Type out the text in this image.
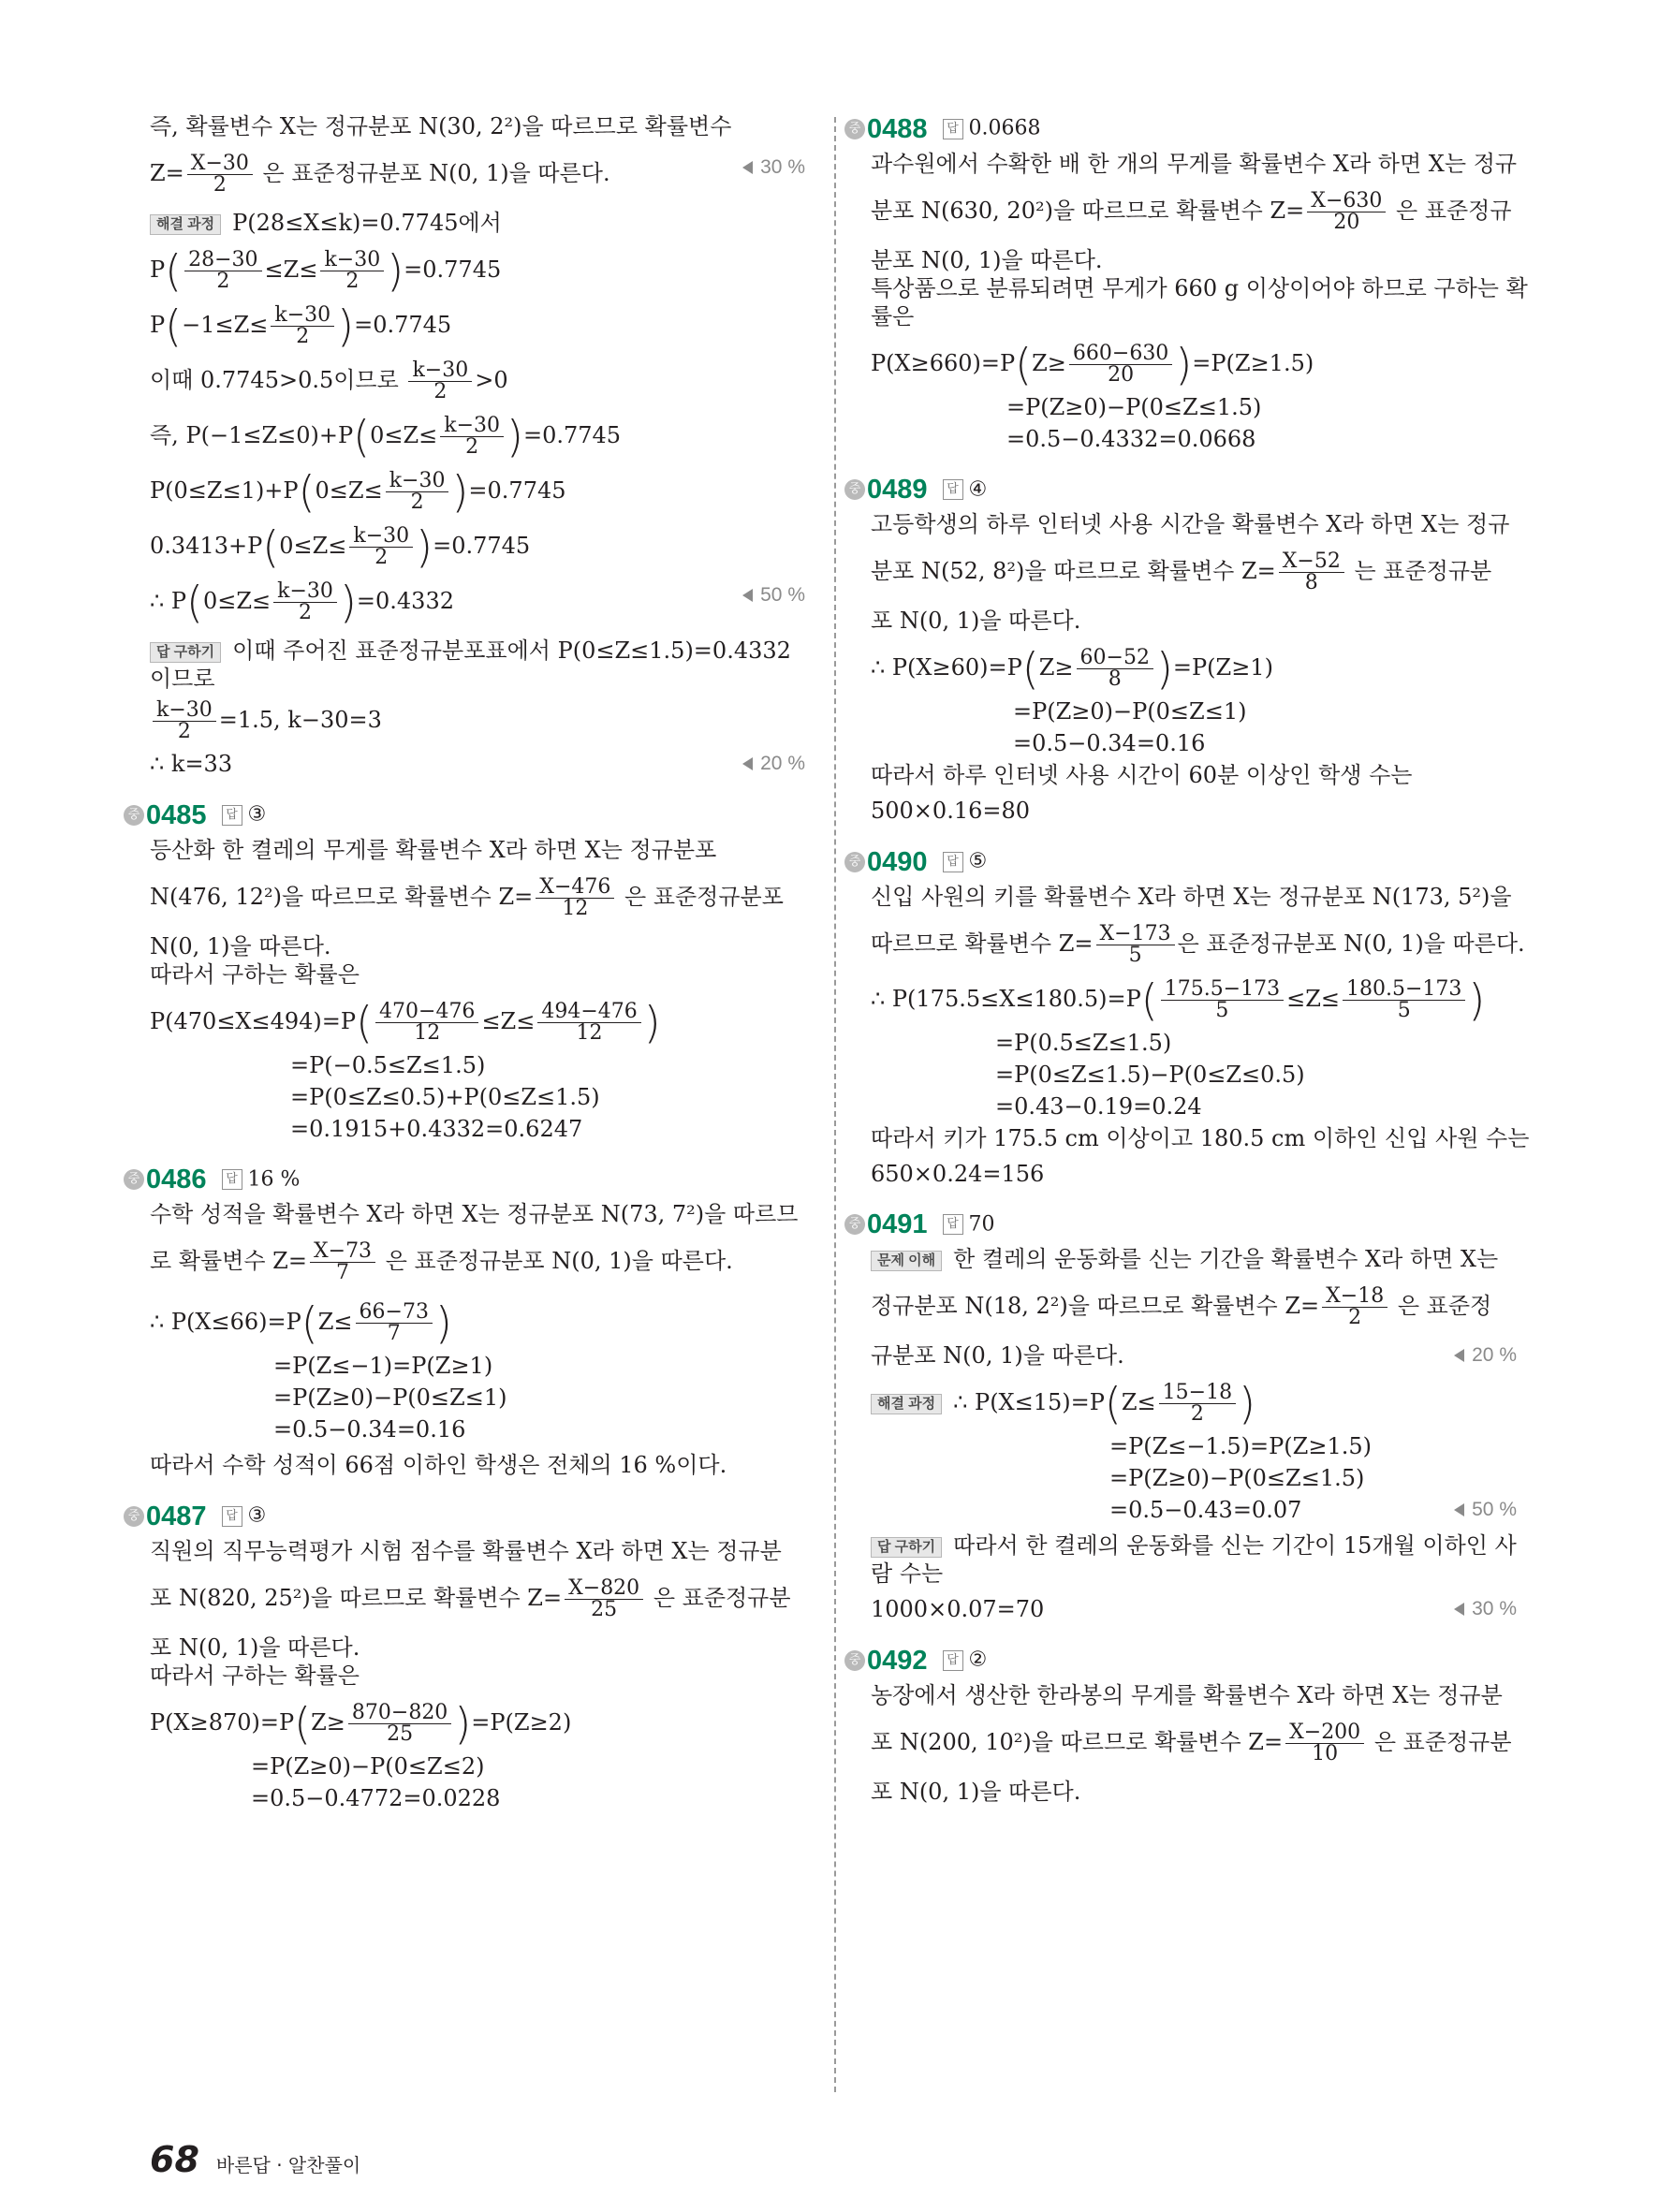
즉, 확률변수 X는 정규분포 N(30, 2²)을 따르므로 확률변수
$Z= \frac{X-30}{2}$ 은 표준정규분포 N(0, 1)을 따른다.	30 %
해결 과정 P(28≤X≤k)=0.7745에서
$P( \frac{28-30}{2} \le Z\le \frac{k-30}{2} )=0.7745$
$P(-1\le Z\le \frac{k-30}{2} )=0.7745$
이때 0.7745>0.5이므로 $\frac{k-30}{2} >0$
즉, $P(-1\le Z\le 0)+P(0\le Z\le \frac{k-30}{2} )=0.7745$
$P(0\le Z\le 1)+P(0\le Z\le \frac{k-30}{2} )=0.7745$
$0.3413+P(0\le Z\le \frac{k-30}{2} )=0.7745$
∴ $P(0\le Z\le \frac{k-30}{2} )=0.4332$	50 %
답 구하기 이때 주어진 표준정규분포표에서 P(0≤Z≤1.5)=0.4332
이므로
$\frac{k-30}{2} =1.5$, k−30=3
∴ k=33	20 %
중 0485 답 ③
등산화 한 켤레의 무게를 확률변수 X라 하면 X는 정규분포
N(476, 12²)을 따르므로 확률변수 $Z= \frac{X-476}{12}$ 은 표준정규분포
N(0, 1)을 따른다.
따라서 구하는 확률은
$P(470\le X\le 494)=P( \frac{470-476}{12} \le Z\le \frac{494-476}{12}$ )
=P(−0.5≤Z≤1.5)
=P(0≤Z≤0.5)+P(0≤Z≤1.5)
=0.1915+0.4332=0.6247
중 0486 답 16 %
수학 성적을 확률변수 X라 하면 X는 정규분포 N(73, 7²)을 따르므
로 확률변수 $Z= \frac{X-73}{7}$ 은 표준정규분포 N(0, 1)을 따른다.
∴ $P(X\le 66)=P(Z\le \frac{66-73}{7}$ )
=P(Z≤−1)=P(Z≥1)
=P(Z≥0)−P(0≤Z≤1)
=0.5−0.34=0.16
따라서 수학 성적이 66점 이하인 학생은 전체의 16 %이다.
중 0487 답 ③
직원의 직무능력평가 시험 점수를 확률변수 X라 하면 X는 정규분
포 N(820, 25²)을 따르므로 확률변수 $Z= \frac{X-820}{25}$ 은 표준정규분
포 N(0, 1)을 따른다.
따라서 구하는 확률은
$P(X\ge 870)=P(Z\ge \frac{870-820}{25} )=P(Z\ge 2)$
=P(Z≥0)−P(0≤Z≤2)
=0.5−0.4772=0.0228
중 0488 답 0.0668
과수원에서 수확한 배 한 개의 무게를 확률변수 X라 하면 X는 정규
분포 N(630, 20²)을 따르므로 확률변수 $Z= \frac{X-630}{20}$ 은 표준정규
분포 N(0, 1)을 따른다.
특상품으로 분류되려면 무게가 660 g 이상이어야 하므로 구하는 확
률은
$P(X\ge 660)=P(Z\ge \frac{660-630}{20} )=P(Z\ge 1.5)$
=P(Z≥0)−P(0≤Z≤1.5)
=0.5−0.4332=0.0668
중 0489 답 ④
고등학생의 하루 인터넷 사용 시간을 확률변수 X라 하면 X는 정규
분포 N(52, 8²)을 따르므로 확률변수 $Z= \frac{X-52}{8}$ 는 표준정규분
포 N(0, 1)을 따른다.
∴ $P(X\ge 60)=P(Z\ge \frac{60-52}{8} )=P(Z\ge 1)$
=P(Z≥0)−P(0≤Z≤1)
=0.5−0.34=0.16
따라서 하루 인터넷 사용 시간이 60분 이상인 학생 수는
500×0.16=80
중 0490 답 ⑤
신입 사원의 키를 확률변수 X라 하면 X는 정규분포 N(173, 5²)을
따르므로 확률변수 $Z= \frac{X-173}{5}$ 은 표준정규분포 N(0, 1)을 따른다.
∴ $P(175.5\le X\le 180.5)=P( \frac{175.5-173}{5} \le Z\le \frac{180.5-173}{5}$ )
=P(0.5≤Z≤1.5)
=P(0≤Z≤1.5)−P(0≤Z≤0.5)
=0.43−0.19=0.24
따라서 키가 175.5 cm 이상이고 180.5 cm 이하인 신입 사원 수는
650×0.24=156
중 0491 답 70
문제 이해 한 켤레의 운동화를 신는 기간을 확률변수 X라 하면 X는
정규분포 N(18, 2²)을 따르므로 확률변수 $Z= \frac{X-18}{2}$ 은 표준정
규분포 N(0, 1)을 따른다.	20 %
해결 과정 ∴ $P(X\le 15)=P(Z\le \frac{15-18}{2}$ )
=P(Z≤−1.5)=P(Z≥1.5)
=P(Z≥0)−P(0≤Z≤1.5)
=0.5−0.43=0.07	50 %
답 구하기 따라서 한 켤레의 운동화를 신는 기간이 15개월 이하인 사
람 수는
1000×0.07=70	30 %
중 0492 답 ②
농장에서 생산한 한라봉의 무게를 확률변수 X라 하면 X는 정규분
포 N(200, 10²)을 따르므로 확률변수 $Z= \frac{X-200}{10}$ 은 표준정규분
포 N(0, 1)을 따른다.
68 바른답 · 알찬풀이
